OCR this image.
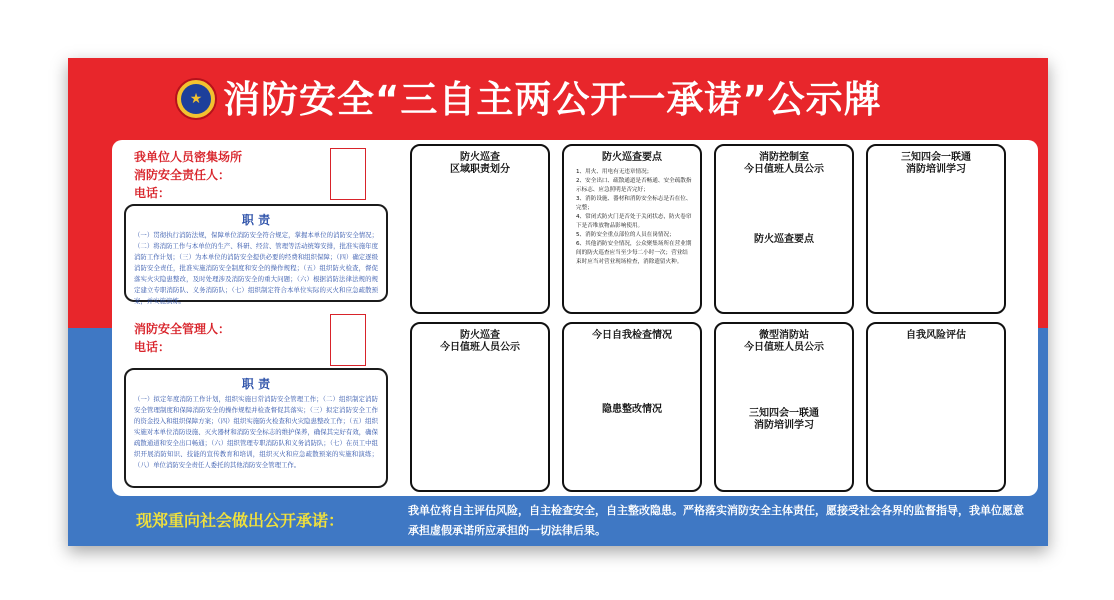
★ 消防安全“三自主两公开一承诺”公示牌
我单位人员密集场所
消防安全责任人：
电话：
职 责
（一）贯彻执行消防法规，保障单位消防安全符合规定，掌握本单位的消防安全情况；（二）将消防工作与本单位的生产、科研、经营、管理等活动统筹安排，批准实施年度消防工作计划；（三）为本单位的消防安全提供必要的经费和组织保障；（四）确定逐级消防安全责任，批准实施消防安全制度和安全的操作规程；（五）组织防火检查，督促落实火灾隐患整改，及时处理涉及消防安全的重大问题；（六）根据消防法律法规的规定建立专职消防队、义务消防队；（七）组织制定符合本单位实际的灭火和应急疏散预案，并实施演练。
消防安全管理人：
电话：
职 责
（一）拟定年度消防工作计划，组织实施日常消防安全管理工作；（二）组织制定消防安全管理制度和保障消防安全的操作规程并检查督促其落实；（三）拟定消防安全工作的资金投入和组织保障方案；（四）组织实施防火检查和火灾隐患整改工作；（五）组织实施对本单位消防设施、灭火器材和消防安全标志的维护保养，确保其完好有效，确保疏散通道和安全出口畅通；（六）组织管理专职消防队和义务消防队；（七）在员工中组织开展消防知识、技能的宣传教育和培训，组织灭火和应急疏散预案的实施和演练；（八）单位消防安全责任人委托的其他消防安全管理工作。
防火巡查
区域职责划分
防火巡查要点
1、用火、用电有无违章情况；
2、安全出口、疏散通道是否畅通、安全疏散指示标志、应急照明是否完好；
3、消防设施、器材和消防安全标志是否在位、完整；
4、常闭式防火门是否处于关闭状态，防火卷帘下是否堆放物品影响使用。
5、消防安全重点部位的人员在岗情况；
6、其他消防安全情况，公众聚集场所在营业期间的防火巡查应当至少每二小时一次；营业结束时应当对营业现场检查，消除遗留火种。
消防控制室
今日值班人员公示
防火巡查要点
三知四会一联通
消防培训学习
防火巡查
今日值班人员公示
今日自我检查情况
隐患整改情况
微型消防站
今日值班人员公示
三知四会一联通
消防培训学习
自我风险评估
现郑重向社会做出公开承诺：
我单位将自主评估风险，自主检查安全，自主整改隐患。严格落实消防安全主体责任，愿接受社会各界的监督指导，我单位愿意承担虚假承诺所应承担的一切法律后果。
